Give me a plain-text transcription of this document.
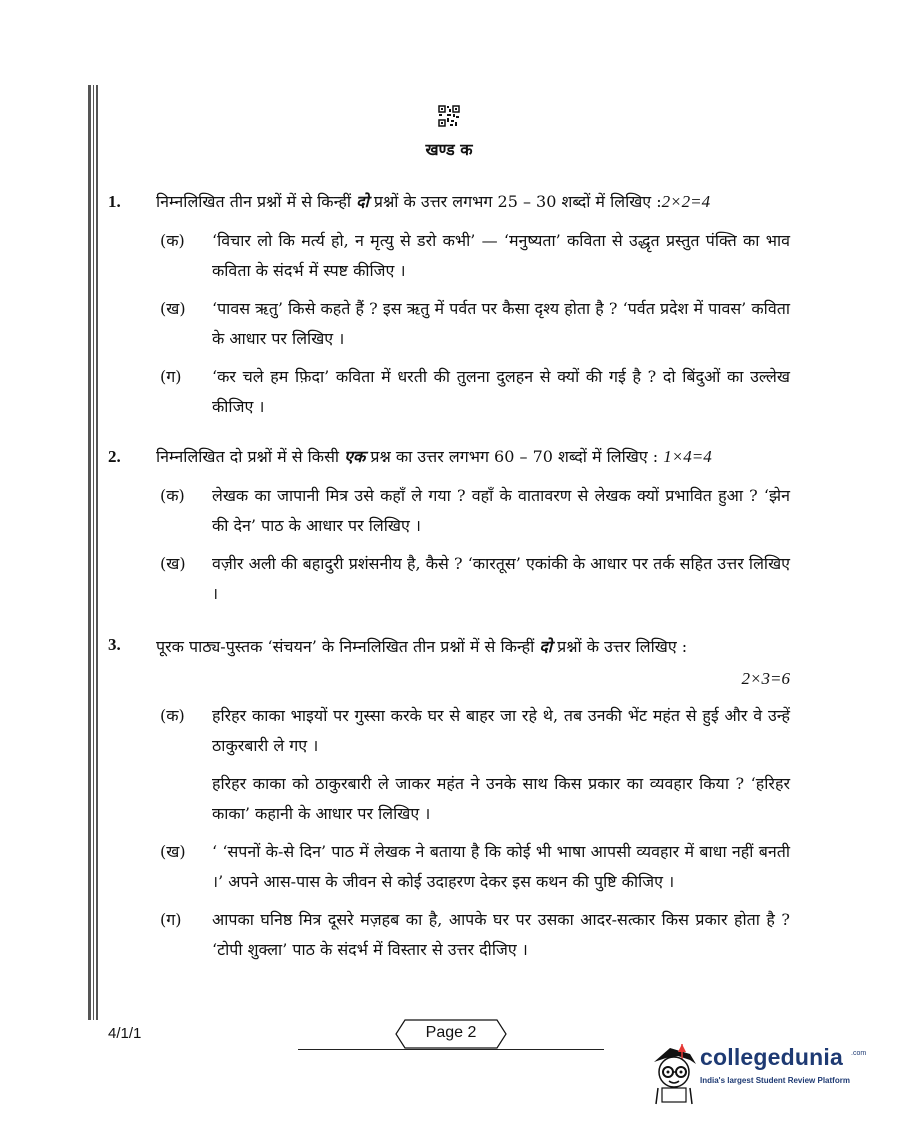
खण्ड क
1. निम्नलिखित तीन प्रश्नों में से किन्हीं दो प्रश्नों के उत्तर लगभग 25 – 30 शब्दों में लिखिए :2×2=4
(क) ‘विचार लो कि मर्त्य हो, न मृत्यु से डरो कभी’ — ‘मनुष्यता’ कविता से उद्धृत प्रस्तुत पंक्ति का भाव कविता के संदर्भ में स्पष्ट कीजिए ।
(ख) ‘पावस ऋतु’ किसे कहते हैं ? इस ऋतु में पर्वत पर कैसा दृश्य होता है ? ‘पर्वत प्रदेश में पावस’ कविता के आधार पर लिखिए ।
(ग) ‘कर चले हम फ़िदा’ कविता में धरती की तुलना दुलहन से क्यों की गई है ? दो बिंदुओं का उल्लेख कीजिए ।
2. निम्नलिखित दो प्रश्नों में से किसी एक प्रश्न का उत्तर लगभग 60 – 70 शब्दों में लिखिए : 1×4=4
(क) लेखक का जापानी मित्र उसे कहाँ ले गया ? वहाँ के वातावरण से लेखक क्यों प्रभावित हुआ ? ‘झेन की देन’ पाठ के आधार पर लिखिए ।
(ख) वज़ीर अली की बहादुरी प्रशंसनीय है, कैसे ? ‘कारतूस’ एकांकी के आधार पर तर्क सहित उत्तर लिखिए ।
3. पूरक पाठ्य-पुस्तक ‘संचयन’ के निम्नलिखित तीन प्रश्नों में से किन्हीं दो प्रश्नों के उत्तर लिखिए :
2×3=6
(क) हरिहर काका भाइयों पर गुस्सा करके घर से बाहर जा रहे थे, तब उनकी भेंट महंत से हुई और वे उन्हें ठाकुरबारी ले गए ।
हरिहर काका को ठाकुरबारी ले जाकर महंत ने उनके साथ किस प्रकार का व्यवहार किया ? ‘हरिहर काका’ कहानी के आधार पर लिखिए ।
(ख) ‘ ‘सपनों के-से दिन’ पाठ में लेखक ने बताया है कि कोई भी भाषा आपसी व्यवहार में बाधा नहीं बनती ।’ अपने आस-पास के जीवन से कोई उदाहरण देकर इस कथन की पुष्टि कीजिए ।
(ग) आपका घनिष्ठ मित्र दूसरे मज़हब का है, आपके घर पर उसका आदर-सत्कार किस प्रकार होता है ? ‘टोपी शुक्ला’ पाठ के संदर्भ में विस्तार से उत्तर दीजिए ।
4/1/1	Page 2
collegedunia .com
India's largest Student Review Platform
